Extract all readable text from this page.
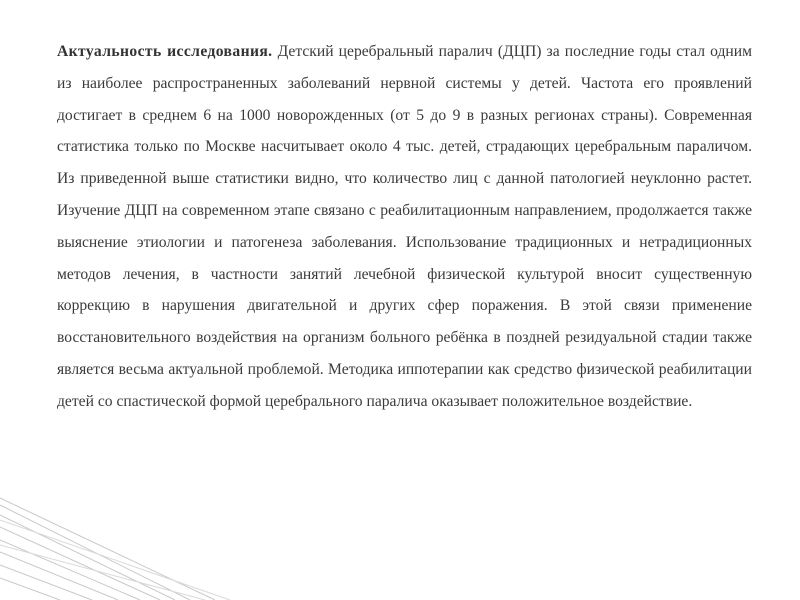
Актуальность исследования. Детский церебральный паралич (ДЦП) за последние годы стал одним из наиболее распространенных заболеваний нервной системы у детей. Частота его проявлений достигает в среднем 6 на 1000 новорожденных (от 5 до 9 в разных регионах страны). Современная статистика только по Москве насчитывает около 4 тыс. детей, страдающих церебральным параличом. Из приведенной выше статистики видно, что количество лиц с данной патологией неуклонно растет. Изучение ДЦП на современном этапе связано с реабилитационным направлением, продолжается также выяснение этиологии и патогенеза заболевания. Использование традиционных и нетрадиционных методов лечения, в частности занятий лечебной физической культурой вносит существенную коррекцию в нарушения двигательной и других сфер поражения. В этой связи применение восстановительного воздействия на организм больного ребёнка в поздней резидуальной стадии также является весьма актуальной проблемой. Методика иппотерапии как средство физической реабилитации детей со спастической формой церебрального паралича оказывает положительное воздействие.
